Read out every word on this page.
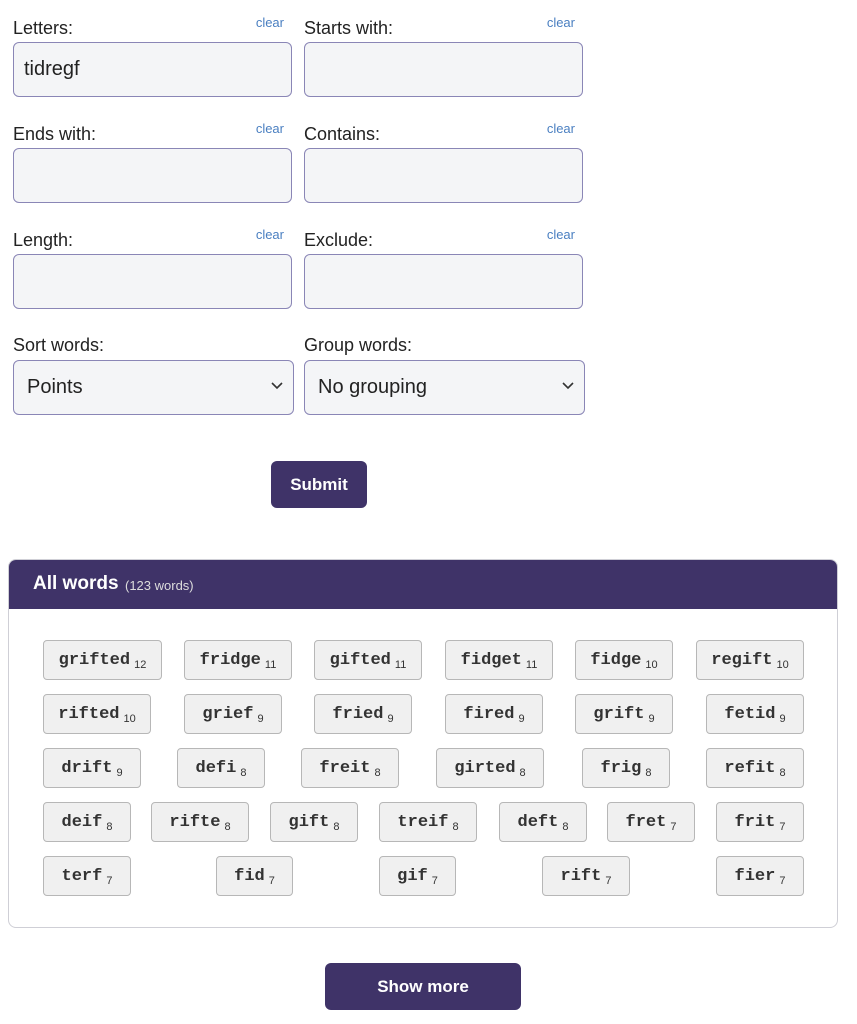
Letters:	clear
tidregf Starts with:	clear
Ends with:	clear Contains:	clear
Length:	clear Exclude:	clear
Sort words:
Points
Group words:
No grouping
Submit
All words (123 words)
grifted 12	fridge 11	gifted 11	fidget 11	fidge 10	regift 10
rifted 10	grief 9	fried 9	fired 9	grift 9	fetid 9
drift 9	defi 8	freit 8	girted 8	frig 8	refit 8
deif 8	rifte 8	gift 8	treif 8	deft 8	fret 7	frit 7
terf 7	fid 7	gif 7	rift 7	fier 7
Show more
